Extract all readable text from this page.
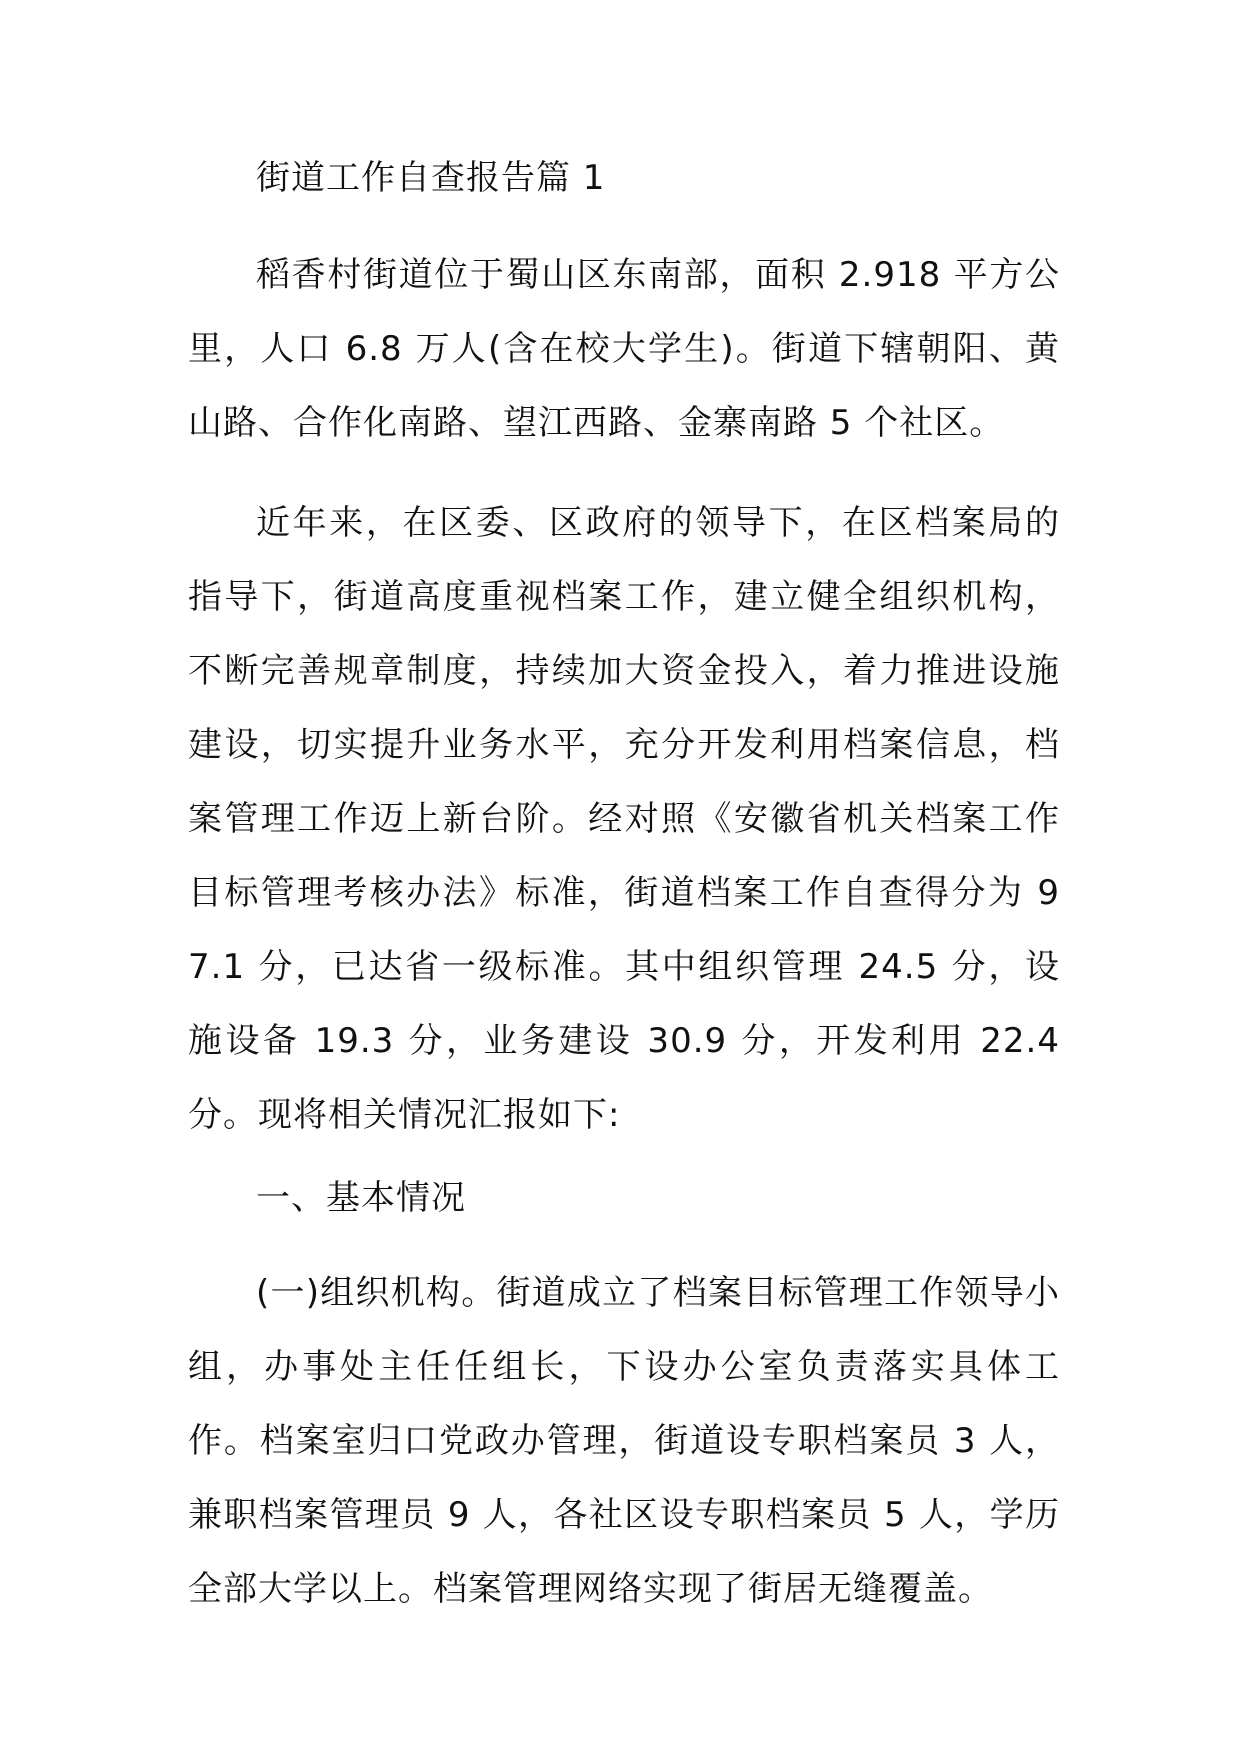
街道工作自查报告篇 1

稻香村街道位于蜀山区东南部，面积 2.918 平方公里，人口 6.8 万人(含在校大学生)。街道下辖朝阳、黄山路、合作化南路、望江西路、金寨南路 5 个社区。

近年来，在区委、区政府的领导下，在区档案局的指导下，街道高度重视档案工作，建立健全组织机构，不断完善规章制度，持续加大资金投入，着力推进设施建设，切实提升业务水平，充分开发利用档案信息，档案管理工作迈上新台阶。经对照《安徽省机关档案工作目标管理考核办法》标准，街道档案工作自查得分为 97.1 分，已达省一级标准。其中组织管理 24.5 分，设施设备 19.3 分，业务建设 30.9 分，开发利用 22.4 分。现将相关情况汇报如下:

一、基本情况

(一)组织机构。街道成立了档案目标管理工作领导小组，办事处主任任组长，下设办公室负责落实具体工作。档案室归口党政办管理，街道设专职档案员 3 人，兼职档案管理员 9 人，各社区设专职档案员 5 人，学历全部大学以上。档案管理网络实现了街居无缝覆盖。
